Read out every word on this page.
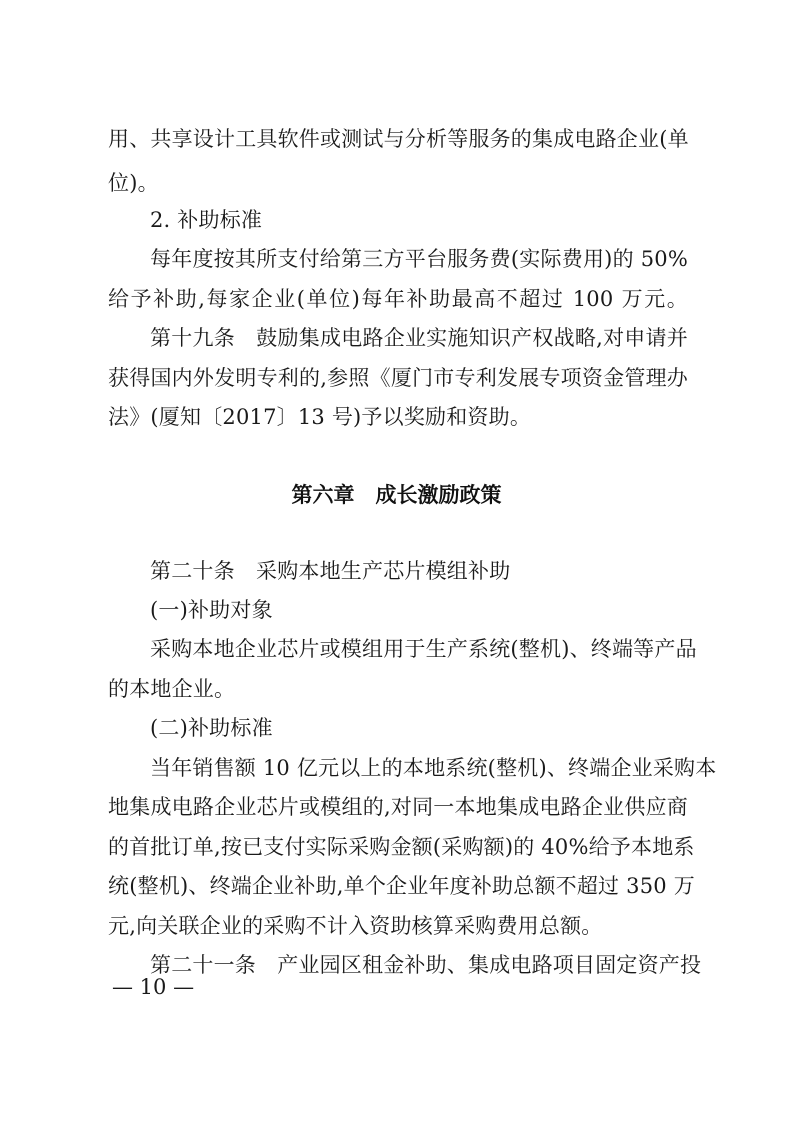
用、共享设计工具软件或测试与分析等服务的集成电路企业(单
位)。
2. 补助标准
每年度按其所支付给第三方平台服务费(实际费用)的 50%
给予补助,每家企业(单位)每年补助最高不超过 100 万元。
第十九条　鼓励集成电路企业实施知识产权战略,对申请并
获得国内外发明专利的,参照《厦门市专利发展专项资金管理办
法》(厦知〔2017〕13 号)予以奖励和资助。
第六章　成长激励政策
第二十条　采购本地生产芯片模组补助
(一)补助对象
采购本地企业芯片或模组用于生产系统(整机)、终端等产品
的本地企业。
(二)补助标准
当年销售额 10 亿元以上的本地系统(整机)、终端企业采购本
地集成电路企业芯片或模组的,对同一本地集成电路企业供应商
的首批订单,按已支付实际采购金额(采购额)的 40%给予本地系
统(整机)、终端企业补助,单个企业年度补助总额不超过 350 万
元,向关联企业的采购不计入资助核算采购费用总额。
第二十一条　产业园区租金补助、集成电路项目固定资产投
— 10 —
